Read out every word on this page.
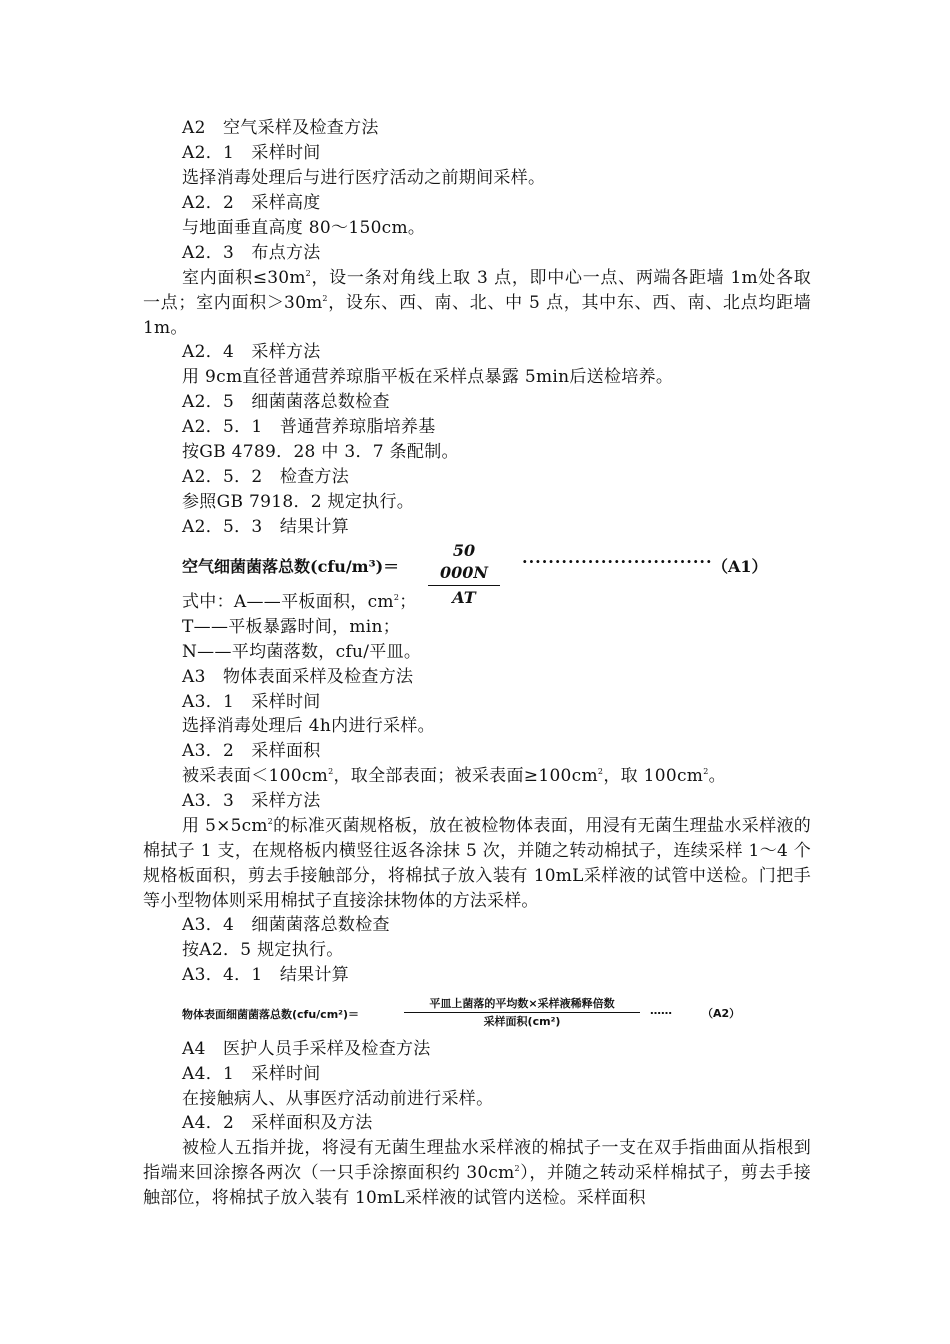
A2　空气采样及检查方法
A2．1　采样时间
选择消毒处理后与进行医疗活动之前期间采样。
A2．2　采样高度
与地面垂直高度 80～150cm。
A2．3　布点方法
室内面积$\le 30m^2$，设一条对角线上取 3 点，即中心一点、两端各距墙 1m处各取一点；室内面积$>30m^2$，设东、西、南、北、中 5 点，其中东、西、南、北点均距墙 1m。
A2．4　采样方法
用 9cm直径普通营养琼脂平板在采样点暴露 5min后送检培养。
A2．5　细菌菌落总数检查
A2．5．1　普通营养琼脂培养基
按GB 4789．28 中 3．7 条配制。
A2．5．2　检查方法
参照GB 7918．2 规定执行。
A2．5．3　结果计算
空气细菌菌落总数(cfu/m³)＝
50 000N
AT
····························· （A1）
式中：A——平板面积，$cm^2$；
T——平板暴露时间，min；
N——平均菌落数，cfu/平皿。
A3　物体表面采样及检查方法
A3．1　采样时间
选择消毒处理后 4h内进行采样。
A3．2　采样面积
被采表面$<100cm^2$，取全部表面；被采表面$\ge 100cm^2$，取 $100cm^2$。
A3．3　采样方法
用 $5\times 5cm^2$的标准灭菌规格板，放在被检物体表面，用浸有无菌生理盐水采样液的棉拭子 1 支，在规格板内横竖往返各涂抹 5 次，并随之转动棉拭子，连续采样 1～4 个规格板面积，剪去手接触部分，将棉拭子放入装有 10mL采样液的试管中送检。门把手等小型物体则采用棉拭子直接涂抹物体的方法采样。
A3．4　细菌菌落总数检查
按A2．5 规定执行。
A3．4．1　结果计算
物体表面细菌菌落总数(cfu/cm²)＝
平皿上菌落的平均数×采样液稀释倍数
采样面积(cm²)
……	（A2）
A4　医护人员手采样及检查方法
A4．1　采样时间
在接触病人、从事医疗活动前进行采样。
A4．2　采样面积及方法
被检人五指并拢，将浸有无菌生理盐水采样液的棉拭子一支在双手指曲面从指根到指端来回涂擦各两次（一只手涂擦面积约 $30cm^2$），并随之转动采样棉拭子，剪去手接触部位，将棉拭子放入装有 10mL采样液的试管内送检。采样面积
